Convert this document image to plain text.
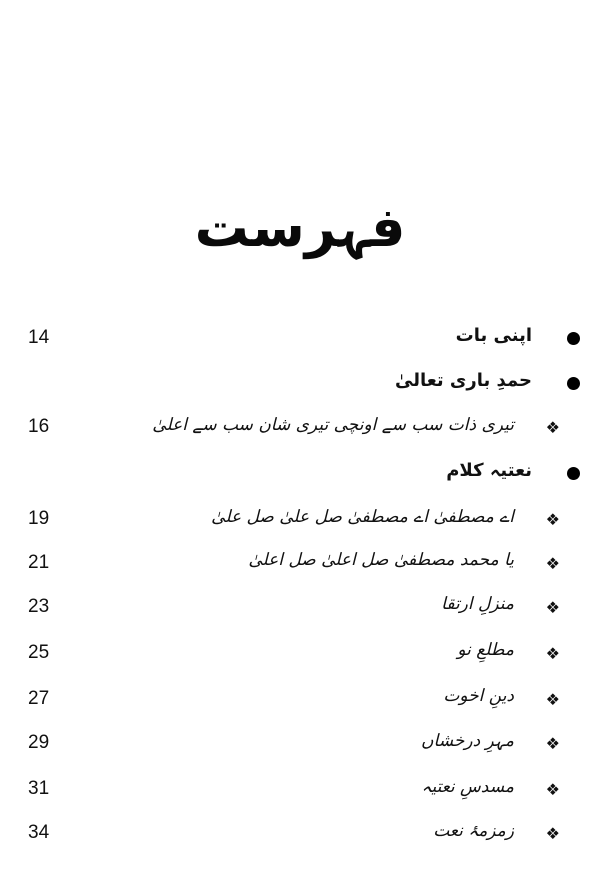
فہرست
14	اپنی بات
حمدِ باری تعالیٰ
16	تیری ذات سب سے اونچی تیری شان سب سے اعلیٰ ❖
نعتیہ کلام
19	اے مصطفیٰ اے مصطفیٰ صل علیٰ صل علیٰ ❖
21	یا محمد مصطفیٰ صل اعلیٰ صل اعلیٰ ❖
23	منزلِ ارتقا ❖
25	مطلعِ نو ❖
27	دینِ اخوت ❖
29	مہرِ درخشاں ❖
31	مسدسِ نعتیہ ❖
34	زمزمۂ نعت ❖
